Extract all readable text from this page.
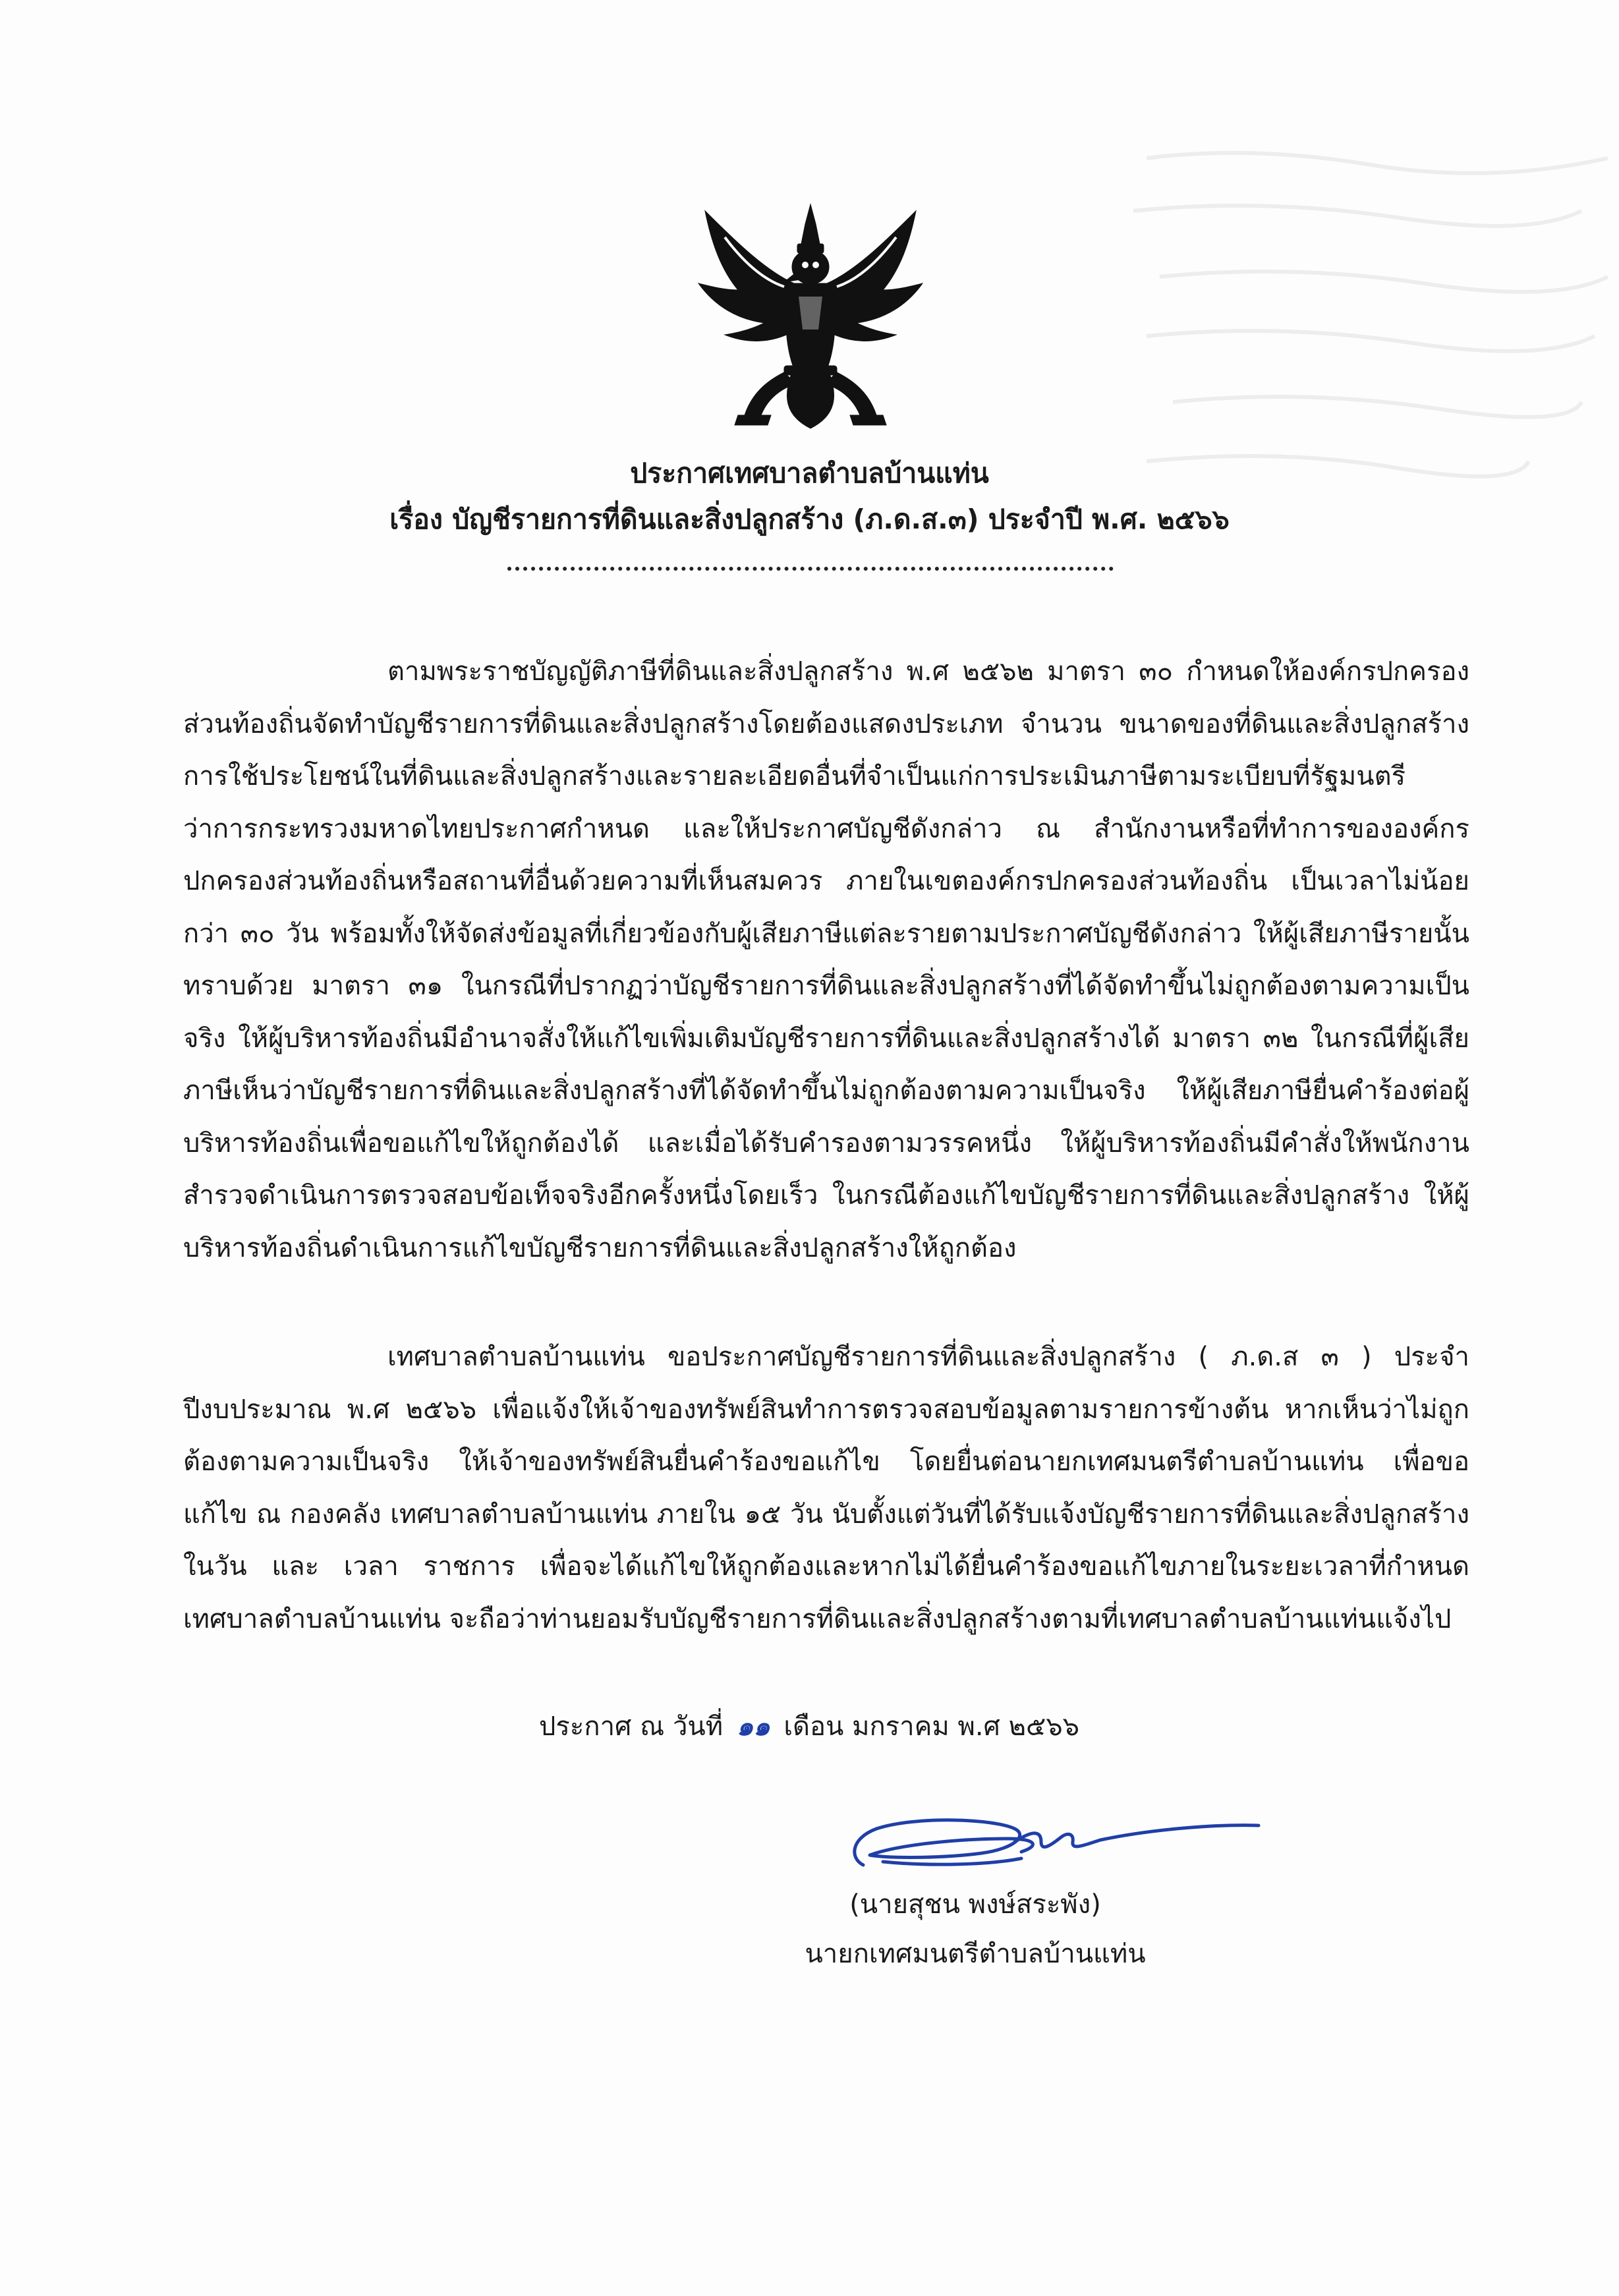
ประกาศเทศบาลตำบลบ้านแท่น
เรื่อง บัญชีรายการที่ดินและสิ่งปลูกสร้าง (ภ.ด.ส.๓) ประจำปี พ.ศ. ๒๕๖๖

ตามพระราชบัญญัติภาษีที่ดินและสิ่งปลูกสร้าง พ.ศ ๒๕๖๒ มาตรา ๓๐ กำหนดให้องค์กรปกครองส่วนท้องถิ่นจัดทำบัญชีรายการที่ดินและสิ่งปลูกสร้างโดยต้องแสดงประเภท จำนวน ขนาดของที่ดินและสิ่งปลูกสร้าง การใช้ประโยชน์ในที่ดินและสิ่งปลูกสร้างและรายละเอียดอื่นที่จำเป็นแก่การประเมินภาษีตามระเบียบที่รัฐมนตรีว่าการกระทรวงมหาดไทยประกาศกำหนด และให้ประกาศบัญชีดังกล่าว ณ สำนักงานหรือที่ทำการขององค์กรปกครองส่วนท้องถิ่นหรือสถานที่อื่นด้วยความที่เห็นสมควร ภายในเขตองค์กรปกครองส่วนท้องถิ่น เป็นเวลาไม่น้อยกว่า ๓๐ วัน พร้อมทั้งให้จัดส่งข้อมูลที่เกี่ยวข้องกับผู้เสียภาษีแต่ละรายตามประกาศบัญชีดังกล่าว ให้ผู้เสียภาษีรายนั้นทราบด้วย มาตรา ๓๑ ในกรณีที่ปรากฏว่าบัญชีรายการที่ดินและสิ่งปลูกสร้างที่ได้จัดทำขึ้นไม่ถูกต้องตามความเป็นจริง ให้ผู้บริหารท้องถิ่นมีอำนาจสั่งให้แก้ไขเพิ่มเติมบัญชีรายการที่ดินและสิ่งปลูกสร้างได้ มาตรา ๓๒ ในกรณีที่ผู้เสียภาษีเห็นว่าบัญชีรายการที่ดินและสิ่งปลูกสร้างที่ได้จัดทำขึ้นไม่ถูกต้องตามความเป็นจริง ให้ผู้เสียภาษียื่นคำร้องต่อผู้บริหารท้องถิ่นเพื่อขอแก้ไขให้ถูกต้องได้ และเมื่อได้รับคำรองตามวรรคหนึ่ง ให้ผู้บริหารท้องถิ่นมีคำสั่งให้พนักงานสำรวจดำเนินการตรวจสอบข้อเท็จจริงอีกครั้งหนึ่งโดยเร็ว ในกรณีต้องแก้ไขบัญชีรายการที่ดินและสิ่งปลูกสร้าง ให้ผู้บริหารท้องถิ่นดำเนินการแก้ไขบัญชีรายการที่ดินและสิ่งปลูกสร้างให้ถูกต้อง

เทศบาลตำบลบ้านแท่น ขอประกาศบัญชีรายการที่ดินและสิ่งปลูกสร้าง ( ภ.ด.ส ๓ ) ประจำปีงบประมาณ พ.ศ ๒๕๖๖ เพื่อแจ้งให้เจ้าของทรัพย์สินทำการตรวจสอบข้อมูลตามรายการข้างต้น หากเห็นว่าไม่ถูกต้องตามความเป็นจริง ให้เจ้าของทรัพย์สินยื่นคำร้องขอแก้ไข โดยยื่นต่อนายกเทศมนตรีตำบลบ้านแท่น เพื่อขอแก้ไข ณ กองคลัง เทศบาลตำบลบ้านแท่น ภายใน ๑๕ วัน นับตั้งแต่วันที่ได้รับแจ้งบัญชีรายการที่ดินและสิ่งปลูกสร้าง ในวัน และ เวลา ราชการ เพื่อจะได้แก้ไขให้ถูกต้องและหากไม่ได้ยื่นคำร้องขอแก้ไขภายในระยะเวลาที่กำหนด เทศบาลตำบลบ้านแท่น จะถือว่าท่านยอมรับบัญชีรายการที่ดินและสิ่งปลูกสร้างตามที่เทศบาลตำบลบ้านแท่นแจ้งไป

ประกาศ ณ วันที่ ๑๑ เดือน มกราคม พ.ศ ๒๕๖๖
(นายสุชน พงษ์สระพัง)
นายกเทศมนตรีตำบลบ้านแท่น
